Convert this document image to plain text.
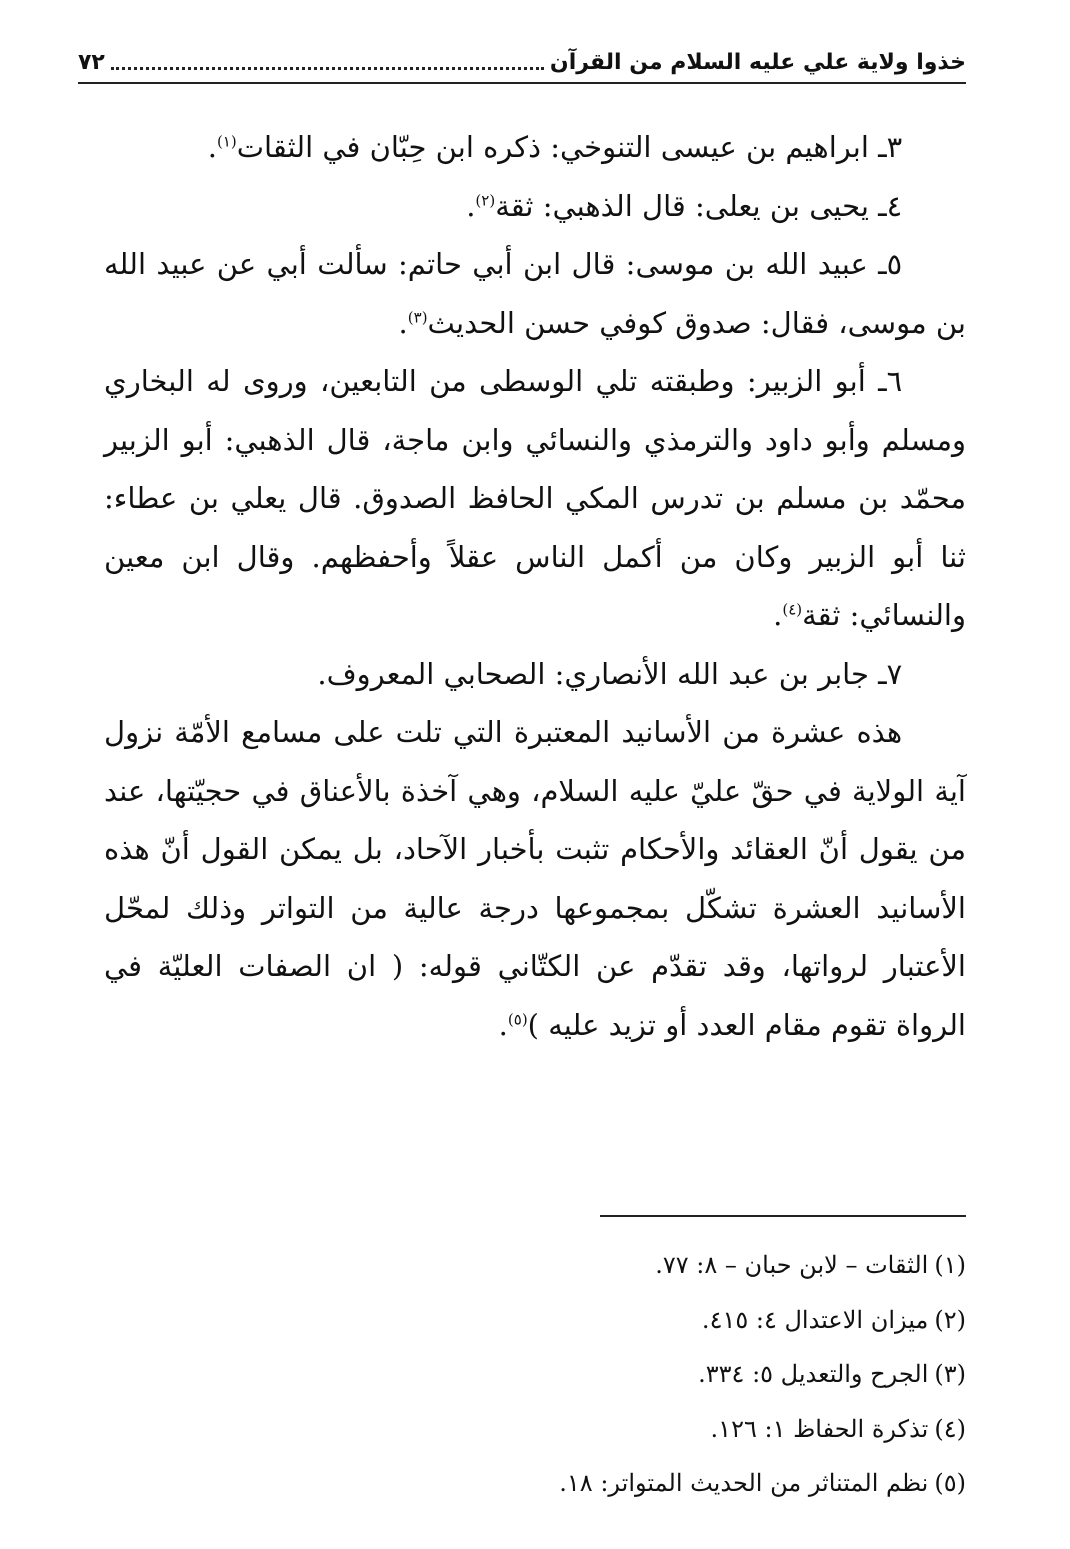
خذوا ولاية علي عليه السلام من القرآن
٧٢

٣ـ ابراهيم بن عيسى التنوخي: ذكره ابن حِبّان في الثقات$^{(١)}$.

٤ـ يحيى بن يعلى: قال الذهبي: ثقة$^{(٢)}$.

٥ـ عبيد الله بن موسى: قال ابن أبي حاتم: سألت أبي عن عبيد الله بن موسى، فقال: صدوق كوفي حسن الحديث$^{(٣)}$.

٦ـ أبو الزبير: وطبقته تلي الوسطى من التابعين، وروى له البخاري ومسلم وأبو داود والترمذي والنسائي وابن ماجة، قال الذهبي: أبو الزبير محمّد بن مسلم بن تدرس المكي الحافظ الصدوق. قال يعلي بن عطاء: ثنا أبو الزبير وكان من أكمل الناس عقلاً وأحفظهم. وقال ابن معين والنسائي: ثقة$^{(٤)}$.

٧ـ جابر بن عبد الله الأنصاري: الصحابي المعروف.

هذه عشرة من الأسانيد المعتبرة التي تلت على مسامع الأمّة نزول آية الولاية في حقّ عليّ عليه السلام، وهي آخذة بالأعناق في حجيّتها، عند من يقول أنّ العقائد والأحكام تثبت بأخبار الآحاد، بل يمكن القول أنّ هذه الأسانيد العشرة تشكّل بمجموعها درجة عالية من التواتر وذلك لمحّل الأعتبار لرواتها، وقد تقدّم عن الكتّاني قوله: ( ان الصفات العليّة في الرواة تقوم مقام العدد أو تزيد عليه )$^{(٥)}$.

(١)الثقات – لابن حبان – ٨: ٧٧.

(٢)ميزان الاعتدال ٤: ٤١٥.

(٣)الجرح والتعديل ٥: ٣٣٤.

(٤)تذكرة الحفاظ ١: ١٢٦.

(٥)نظم المتناثر من الحديث المتواتر: ١٨.
